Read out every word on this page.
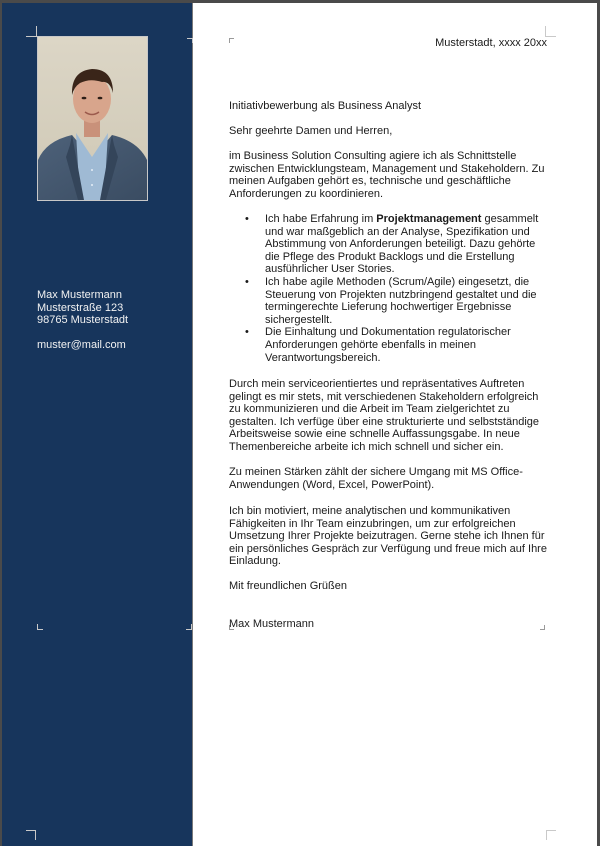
Max Mustermann
Musterstraße 123
98765 Musterstadt
muster@mail.com
Musterstadt, xxxx 20xx

Initiativbewerbung als Business Analyst

Sehr geehrte Damen und Herren,

im Business Solution Consulting agiere ich als Schnittstelle zwischen Entwicklungsteam, Management und Stakeholdern. Zu meinen Aufgaben gehört es, technische und geschäftliche Anforderungen zu koordinieren.

• Ich habe Erfahrung im Projektmanagement gesammelt und war maßgeblich an der Analyse, Spezifikation und Abstimmung von Anforderungen beteiligt. Dazu gehörte die Pflege des Produkt Backlogs und die Erstellung ausführlicher User Stories.
• Ich habe agile Methoden (Scrum/Agile) eingesetzt, die Steuerung von Projekten nutzbringend gestaltet und die termingerechte Lieferung hochwertiger Ergebnisse sichergestellt.
• Die Einhaltung und Dokumentation regulatorischer Anforderungen gehörte ebenfalls in meinen Verantwortungsbereich.

Durch mein serviceorientiertes und repräsentatives Auftreten gelingt es mir stets, mit verschiedenen Stakeholdern erfolgreich zu kommunizieren und die Arbeit im Team zielgerichtet zu gestalten. Ich verfüge über eine strukturierte und selbstständige Arbeitsweise sowie eine schnelle Auffassungsgabe. In neue Themenbereiche arbeite ich mich schnell und sicher ein.

Zu meinen Stärken zählt der sichere Umgang mit MS Office-Anwendungen (Word, Excel, PowerPoint).

Ich bin motiviert, meine analytischen und kommunikativen Fähigkeiten in Ihr Team einzubringen, um zur erfolgreichen Umsetzung Ihrer Projekte beizutragen. Gerne stehe ich Ihnen für ein persönliches Gespräch zur Verfügung und freue mich auf Ihre Einladung.

Mit freundlichen Grüßen

Max Mustermann
